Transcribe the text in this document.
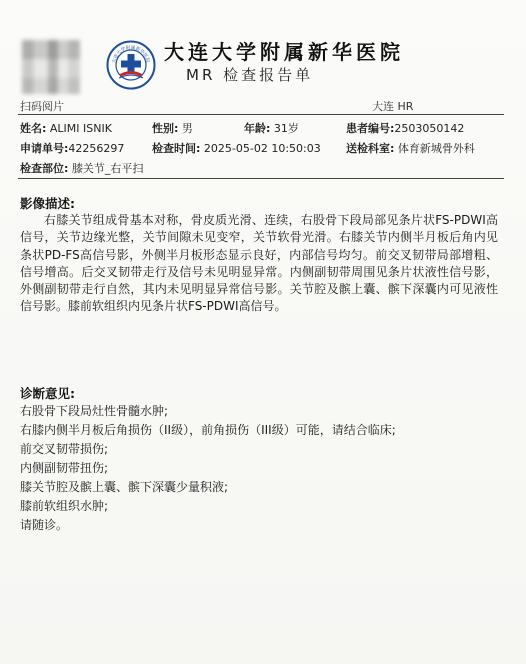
大连大学附属新华医院 大连大学附属新华医院
MR 检查报告单
扫码阅片	大连 HR
姓名: ALIMI ISNIK	性别: 男	年龄: 31岁	患者编号:2503050142
申请单号:42256297	检查时间: 2025-05-02 10:50:03 送检科室: 体育新城骨外科
检查部位: 膝关节_右平扫
影像描述:

右膝关节组成骨基本对称，骨皮质光滑、连续，右股骨下段局部见条片状FS-PDWI高信号，关节边缘光整，关节间隙未见变窄，关节软骨光滑。右膝关节内侧半月板后角内见条状PD-FS高信号影，外侧半月板形态显示良好，内部信号均匀。前交叉韧带局部增粗、信号增高。后交叉韧带走行及信号未见明显异常。内侧副韧带周围见条片状液性信号影，外侧副韧带走行自然，其内未见明显异常信号影。关节腔及髌上囊、髌下深囊内可见液性信号影。膝前软组织内见条片状FS-PDWI高信号。

诊断意见:
右股骨下段局灶性骨髓水肿;
右膝内侧半月板后角损伤（II级），前角损伤（III级）可能，请结合临床;
前交叉韧带损伤;
内侧副韧带扭伤;
膝关节腔及髌上囊、髌下深囊少量积液;
膝前软组织水肿;
请随诊。
